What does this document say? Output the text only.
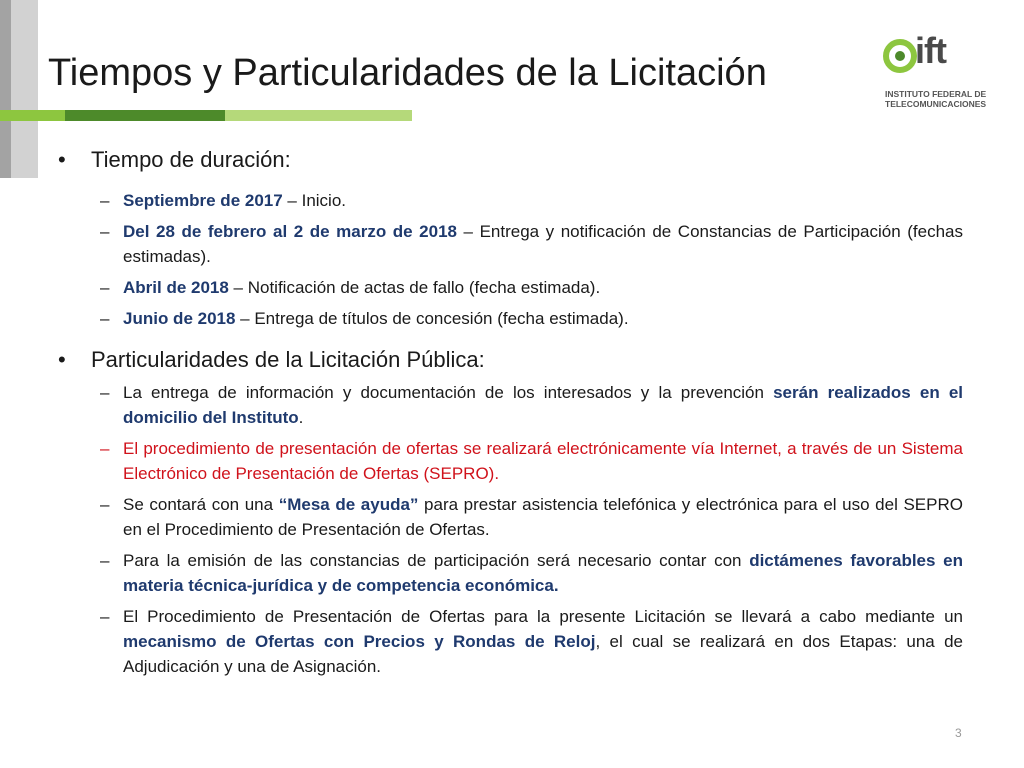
Tiempos y Particularidades de la Licitación
ift
INSTITUTO FEDERAL DE
TELECOMUNICACIONES
•	Tiempo de duración:
– Septiembre de 2017 – Inicio.
– Del 28 de febrero al 2 de marzo de 2018 – Entrega y notificación de Constancias de Participación (fechas estimadas).
– Abril de 2018 – Notificación de actas de fallo (fecha estimada).
– Junio de 2018 – Entrega de títulos de concesión (fecha estimada).
•	Particularidades de la Licitación Pública:
– La entrega de información y documentación de los interesados y la prevención serán realizados en el domicilio del Instituto.
– El procedimiento de presentación de ofertas se realizará electrónicamente vía Internet, a través de un Sistema Electrónico de Presentación de Ofertas (SEPRO).
– Se contará con una “Mesa de ayuda” para prestar asistencia telefónica y electrónica para el uso del SEPRO en el Procedimiento de Presentación de Ofertas.
– Para la emisión de las constancias de participación será necesario contar con dictámenes favorables en materia técnica-jurídica y de competencia económica.
– El Procedimiento de Presentación de Ofertas para la presente Licitación se llevará a cabo mediante un mecanismo de Ofertas con Precios y Rondas de Reloj, el cual se realizará en dos Etapas: una de Adjudicación y una de Asignación.
3
